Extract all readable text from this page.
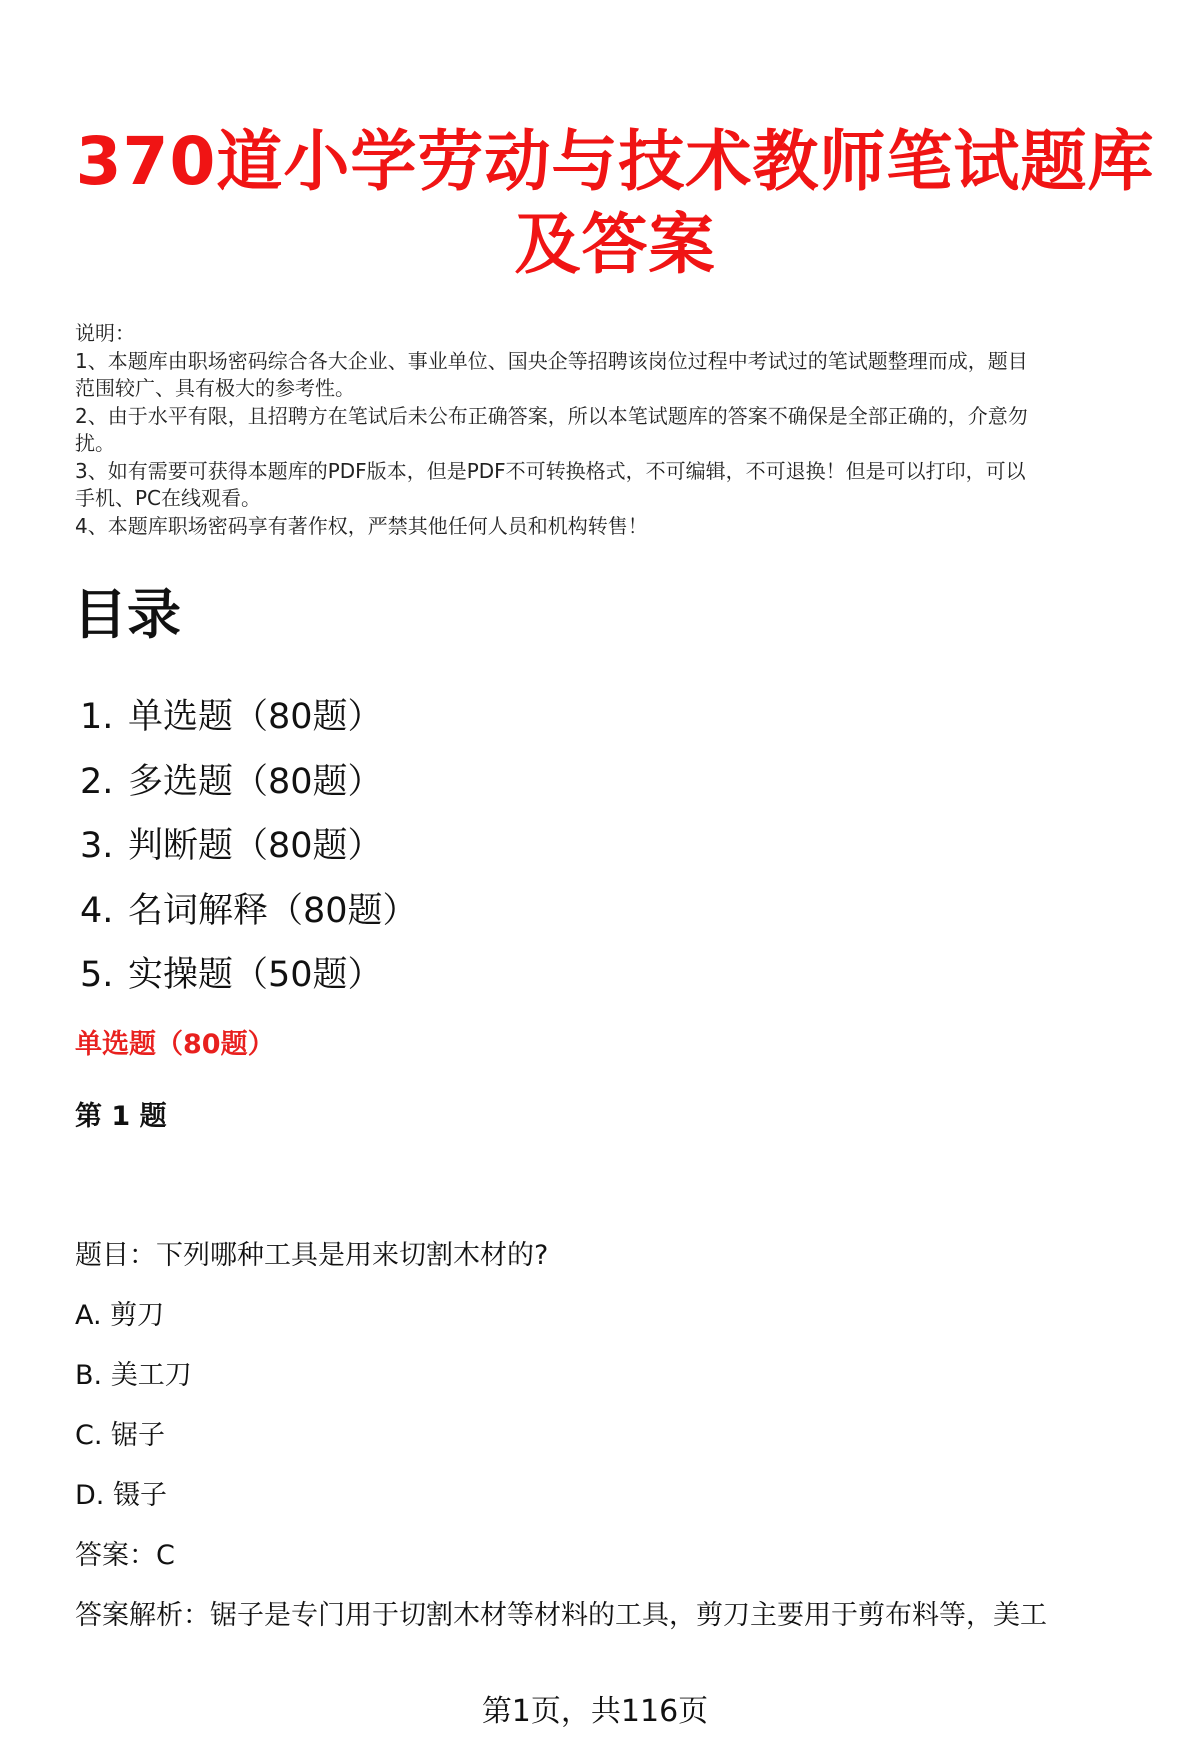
370道小学劳动与技术教师笔试题库
及答案
说明：
1、本题库由职场密码综合各大企业、事业单位、国央企等招聘该岗位过程中考试过的笔试题整理而成，题目
范围较广、具有极大的参考性。
2、由于水平有限，且招聘方在笔试后未公布正确答案，所以本笔试题库的答案不确保是全部正确的，介意勿
扰。
3、如有需要可获得本题库的PDF版本，但是PDF不可转换格式，不可编辑，不可退换！但是可以打印，可以
手机、PC在线观看。
4、本题库职场密码享有著作权，严禁其他任何人员和机构转售！
目录
1. 单选题（80题）
2. 多选题（80题）
3. 判断题（80题）
4. 名词解释（80题）
5. 实操题（50题）
单选题（80题）
第 1 题
题目：下列哪种工具是用来切割木材的?
A. 剪刀
B. 美工刀
C. 锯子
D. 镊子
答案：C
答案解析：锯子是专门用于切割木材等材料的工具，剪刀主要用于剪布料等，美工
第1页，共116页
